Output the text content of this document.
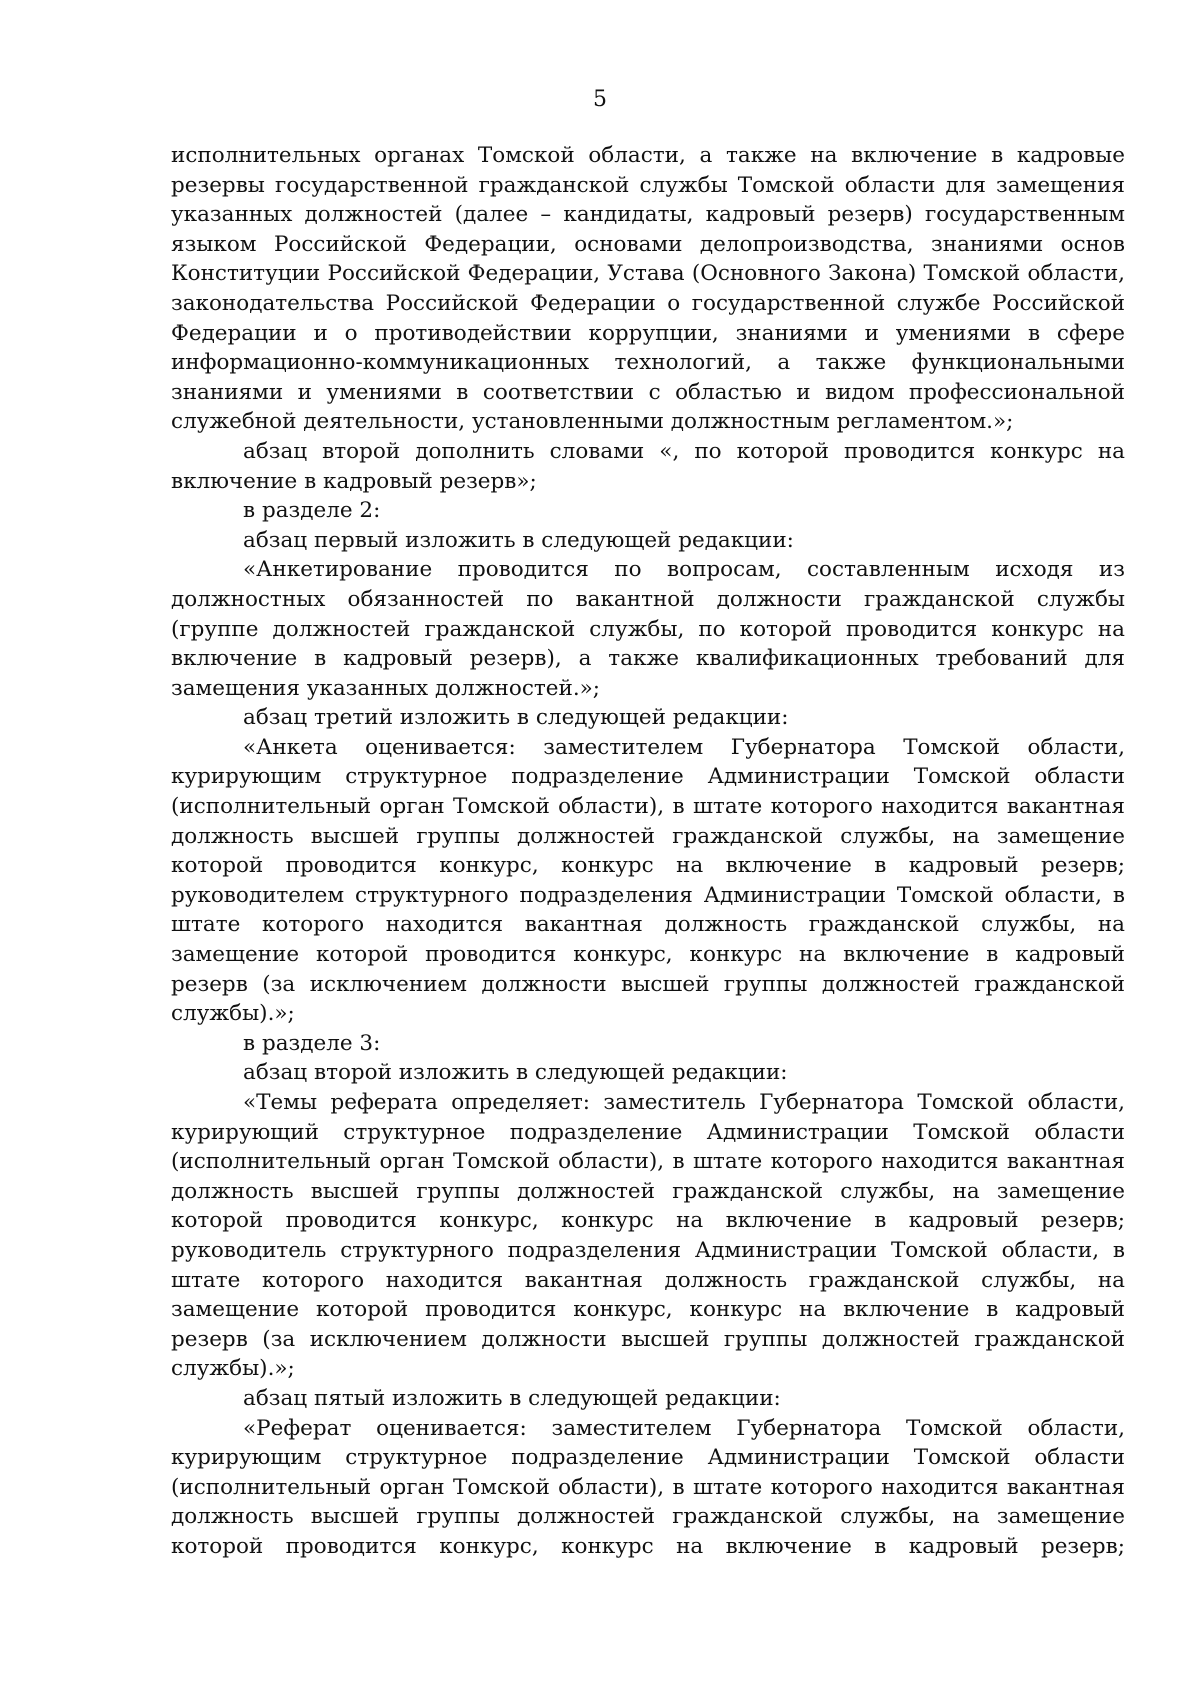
5

исполнительных органах Томской области, а также на включение в кадровые резервы государственной гражданской службы Томской области для замещения указанных должностей (далее – кандидаты, кадровый резерв) государственным языком Российской Федерации, основами делопроизводства, знаниями основ Конституции Российской Федерации, Устава (Основного Закона) Томской области, законодательства Российской Федерации о государственной службе Российской Федерации и о противодействии коррупции, знаниями и умениями в сфере информационно-коммуникационных технологий, а также функциональными знаниями и умениями в соответствии с областью и видом профессиональной служебной деятельности, установленными должностным регламентом.»;

абзац второй дополнить словами «, по которой проводится конкурс на включение в кадровый резерв»;

в разделе 2:

абзац первый изложить в следующей редакции:

«Анкетирование проводится по вопросам, составленным исходя из должностных обязанностей по вакантной должности гражданской службы (группе должностей гражданской службы, по которой проводится конкурс на включение в кадровый резерв), а также квалификационных требований для замещения указанных должностей.»;

абзац третий изложить в следующей редакции:

«Анкета оценивается: заместителем Губернатора Томской области, курирующим структурное подразделение Администрации Томской области (исполнительный орган Томской области), в штате которого находится вакантная должность высшей группы должностей гражданской службы, на замещение которой проводится конкурс, конкурс на включение в кадровый резерв; руководителем структурного подразделения Администрации Томской области, в штате которого находится вакантная должность гражданской службы, на замещение которой проводится конкурс, конкурс на включение в кадровый резерв (за исключением должности высшей группы должностей гражданской службы).»;

в разделе 3:

абзац второй изложить в следующей редакции:

«Темы реферата определяет: заместитель Губернатора Томской области, курирующий структурное подразделение Администрации Томской области (исполнительный орган Томской области), в штате которого находится вакантная должность высшей группы должностей гражданской службы, на замещение которой проводится конкурс, конкурс на включение в кадровый резерв; руководитель структурного подразделения Администрации Томской области, в штате которого находится вакантная должность гражданской службы, на замещение которой проводится конкурс, конкурс на включение в кадровый резерв (за исключением должности высшей группы должностей гражданской службы).»;

абзац пятый изложить в следующей редакции:

«Реферат оценивается: заместителем Губернатора Томской области, курирующим структурное подразделение Администрации Томской области (исполнительный орган Томской области), в штате которого находится вакантная должность высшей группы должностей гражданской службы, на замещение которой проводится конкурс, конкурс на включение в кадровый резерв;
